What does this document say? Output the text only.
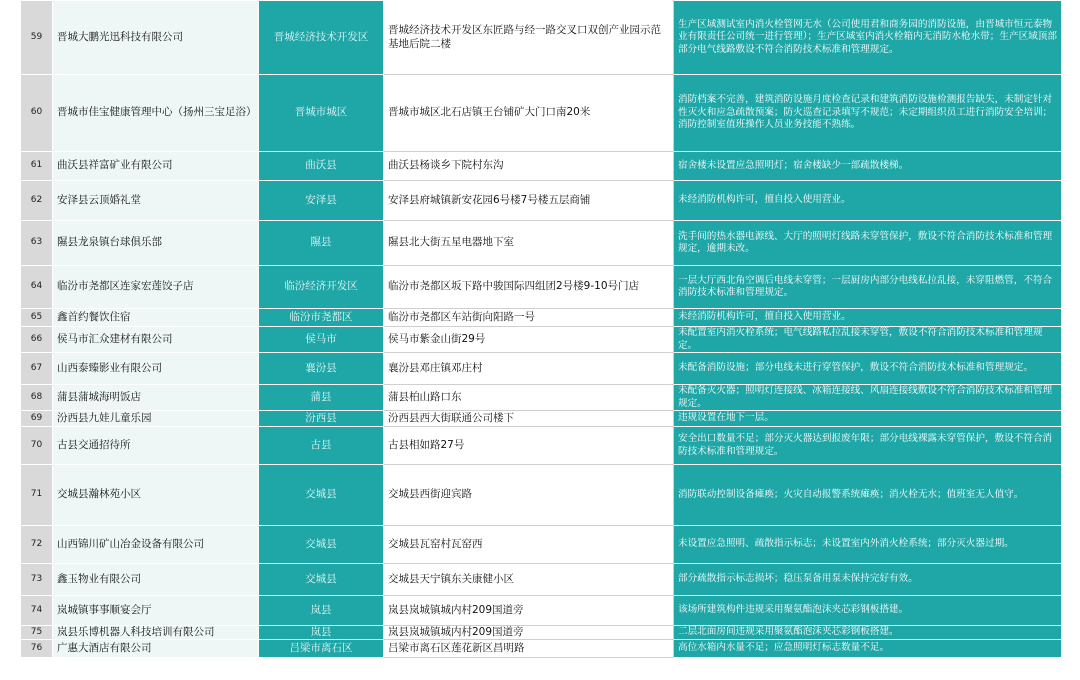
59	晋城大鹏光迅科技有限公司	晋城经济技术开发区	晋城经济技术开发区东匠路与经一路交叉口双创产业园示范基地后院二楼	生产区域测试室内消火栓管网无水（公司使用君和商务园的消防设施，由晋城市恒元泰物业有限责任公司统一进行管理）；生产区域室内消火栓箱内无消防水枪水带；生产区域顶部部分电气线路敷设不符合消防技术标准和管理规定。
60	晋城市佳宝健康管理中心（扬州三宝足浴）	晋城市城区	晋城市城区北石店镇王台铺矿大门口南20米	消防档案不完善，建筑消防设施月度检查记录和建筑消防设施检测报告缺失，未制定针对性灭火和应急疏散预案；防火巡查记录填写不规范；未定期组织员工进行消防安全培训；消防控制室值班操作人员业务技能不熟练。
61	曲沃县祥富矿业有限公司	曲沃县	曲沃县杨谈乡下院村东沟	宿舍楼未设置应急照明灯；宿舍楼缺少一部疏散楼梯。
62	安泽县云顶婚礼堂	安泽县	安泽县府城镇新安花园6号楼7号楼五层商铺	未经消防机构许可，擅自投入使用营业。
63	隰县龙泉镇台球俱乐部	隰县	隰县北大街五星电器地下室	洗手间的热水器电源线、大厅的照明灯线路未穿管保护，敷设不符合消防技术标准和管理规定，逾期未改。
64	临汾市尧都区连家宏莲饺子店	临汾经济开发区	临汾市尧都区坂下路中骏国际四组团2号楼9-10号门店	一层大厅西北角空调后电线未穿管；一层厨房内部分电线私拉乱接，未穿阻燃管，不符合消防技术标准和管理规定。
65	鑫首约餐饮住宿	临汾市尧都区	临汾市尧都区车站街向阳路一号	未经消防机构许可，擅自投入使用营业。
66	侯马市汇众建材有限公司	侯马市	侯马市紫金山街29号	未配置室内消火栓系统；电气线路私拉乱接未穿管，敷设不符合消防技术标准和管理规定。
67	山西泰臻影业有限公司	襄汾县	襄汾县邓庄镇邓庄村	未配备消防设施；部分电线未进行穿管保护，敷设不符合消防技术标准和管理规定。
68	蒲县蒲城海明饭店	蒲县	蒲县柏山路口东	未配备灭火器；照明灯连接线、冰箱连接线、风扇连接线敷设不符合消防技术标准和管理规定。
69	汾西县九娃儿童乐园	汾西县	汾西县西大街联通公司楼下	违规设置在地下一层。
70	古县交通招待所	古县	古县相如路27号	安全出口数量不足；部分灭火器达到报废年限；部分电线裸露未穿管保护，敷设不符合消防技术标准和管理规定。
71	交城县瀚林苑小区	交城县	交城县西街迎宾路	消防联动控制设备瘫痪；火灾自动报警系统瘫痪；消火栓无水；值班室无人值守。
72	山西锦川矿山冶金设备有限公司	交城县	交城县瓦窑村瓦窑西	未设置应急照明、疏散指示标志；未设置室内外消火栓系统；部分灭火器过期。
73	鑫玉物业有限公司	交城县	交城县天宁镇东关康健小区	部分疏散指示标志损坏；稳压泵备用泵未保持完好有效。
74	岚城镇事事顺宴会厅	岚县	岚县岚城镇城内村209国道旁	该场所建筑构件违规采用聚氨酯泡沫夹芯彩钢板搭建。
75	岚县乐博机器人科技培训有限公司	岚县	岚县岚城镇城内村209国道旁	二层北面房间违规采用聚氨酯泡沫夹芯彩钢板搭建。
76	广惠大酒店有限公司	吕梁市离石区	吕梁市离石区莲花新区昌明路	高位水箱内水量不足；应急照明灯标志数量不足。
